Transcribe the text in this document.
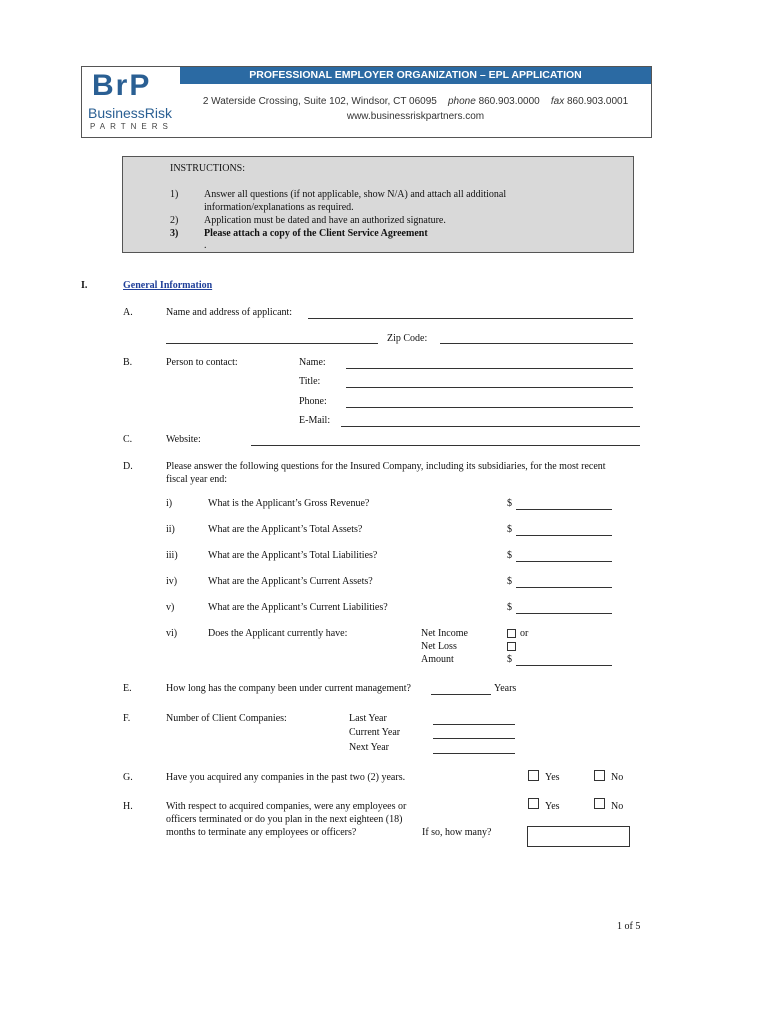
BrP
BusinessRisk
PARTNERS
PROFESSIONAL EMPLOYER ORGANIZATION – EPL APPLICATION
2 Waterside Crossing, Suite 102, Windsor, CT 06095 phone 860.903.0000 fax 860.903.0001
www.businessriskpartners.com
INSTRUCTIONS:
1)	Answer all questions (if not applicable, show N/A) and attach all additional
information/explanations as required.
2)	Application must be dated and have an authorized signature.
3)	Please attach a copy of the Client Service Agreement
.
I.	General Information
A.	Name and address of applicant:
Zip Code:
B.	Person to contact:	Name:
Title:
Phone:
E-Mail:
C.	Website:
D.	Please answer the following questions for the Insured Company, including its subsidiaries, for the most recent
fiscal year end:
i)	What is the Applicant’s Gross Revenue?	$
ii)	What are the Applicant’s Total Assets?	$
iii)	What are the Applicant’s Total Liabilities?	$
iv)	What are the Applicant’s Current Assets?	$
v)	What are the Applicant’s Current Liabilities?	$
vi)	Does the Applicant currently have:	Net Income	or
Net Loss
Amount	$
E.	How long has the company been under current management?	Years
F.	Number of Client Companies:	Last Year
Current Year
Next Year
G.	Have you acquired any companies in the past two (2) years.	Yes	No
H.	With respect to acquired companies, were any employees or
officers terminated or do you plan in the next eighteen (18)
months to terminate any employees or officers?	If so, how many?
Yes	No
1 of 5
